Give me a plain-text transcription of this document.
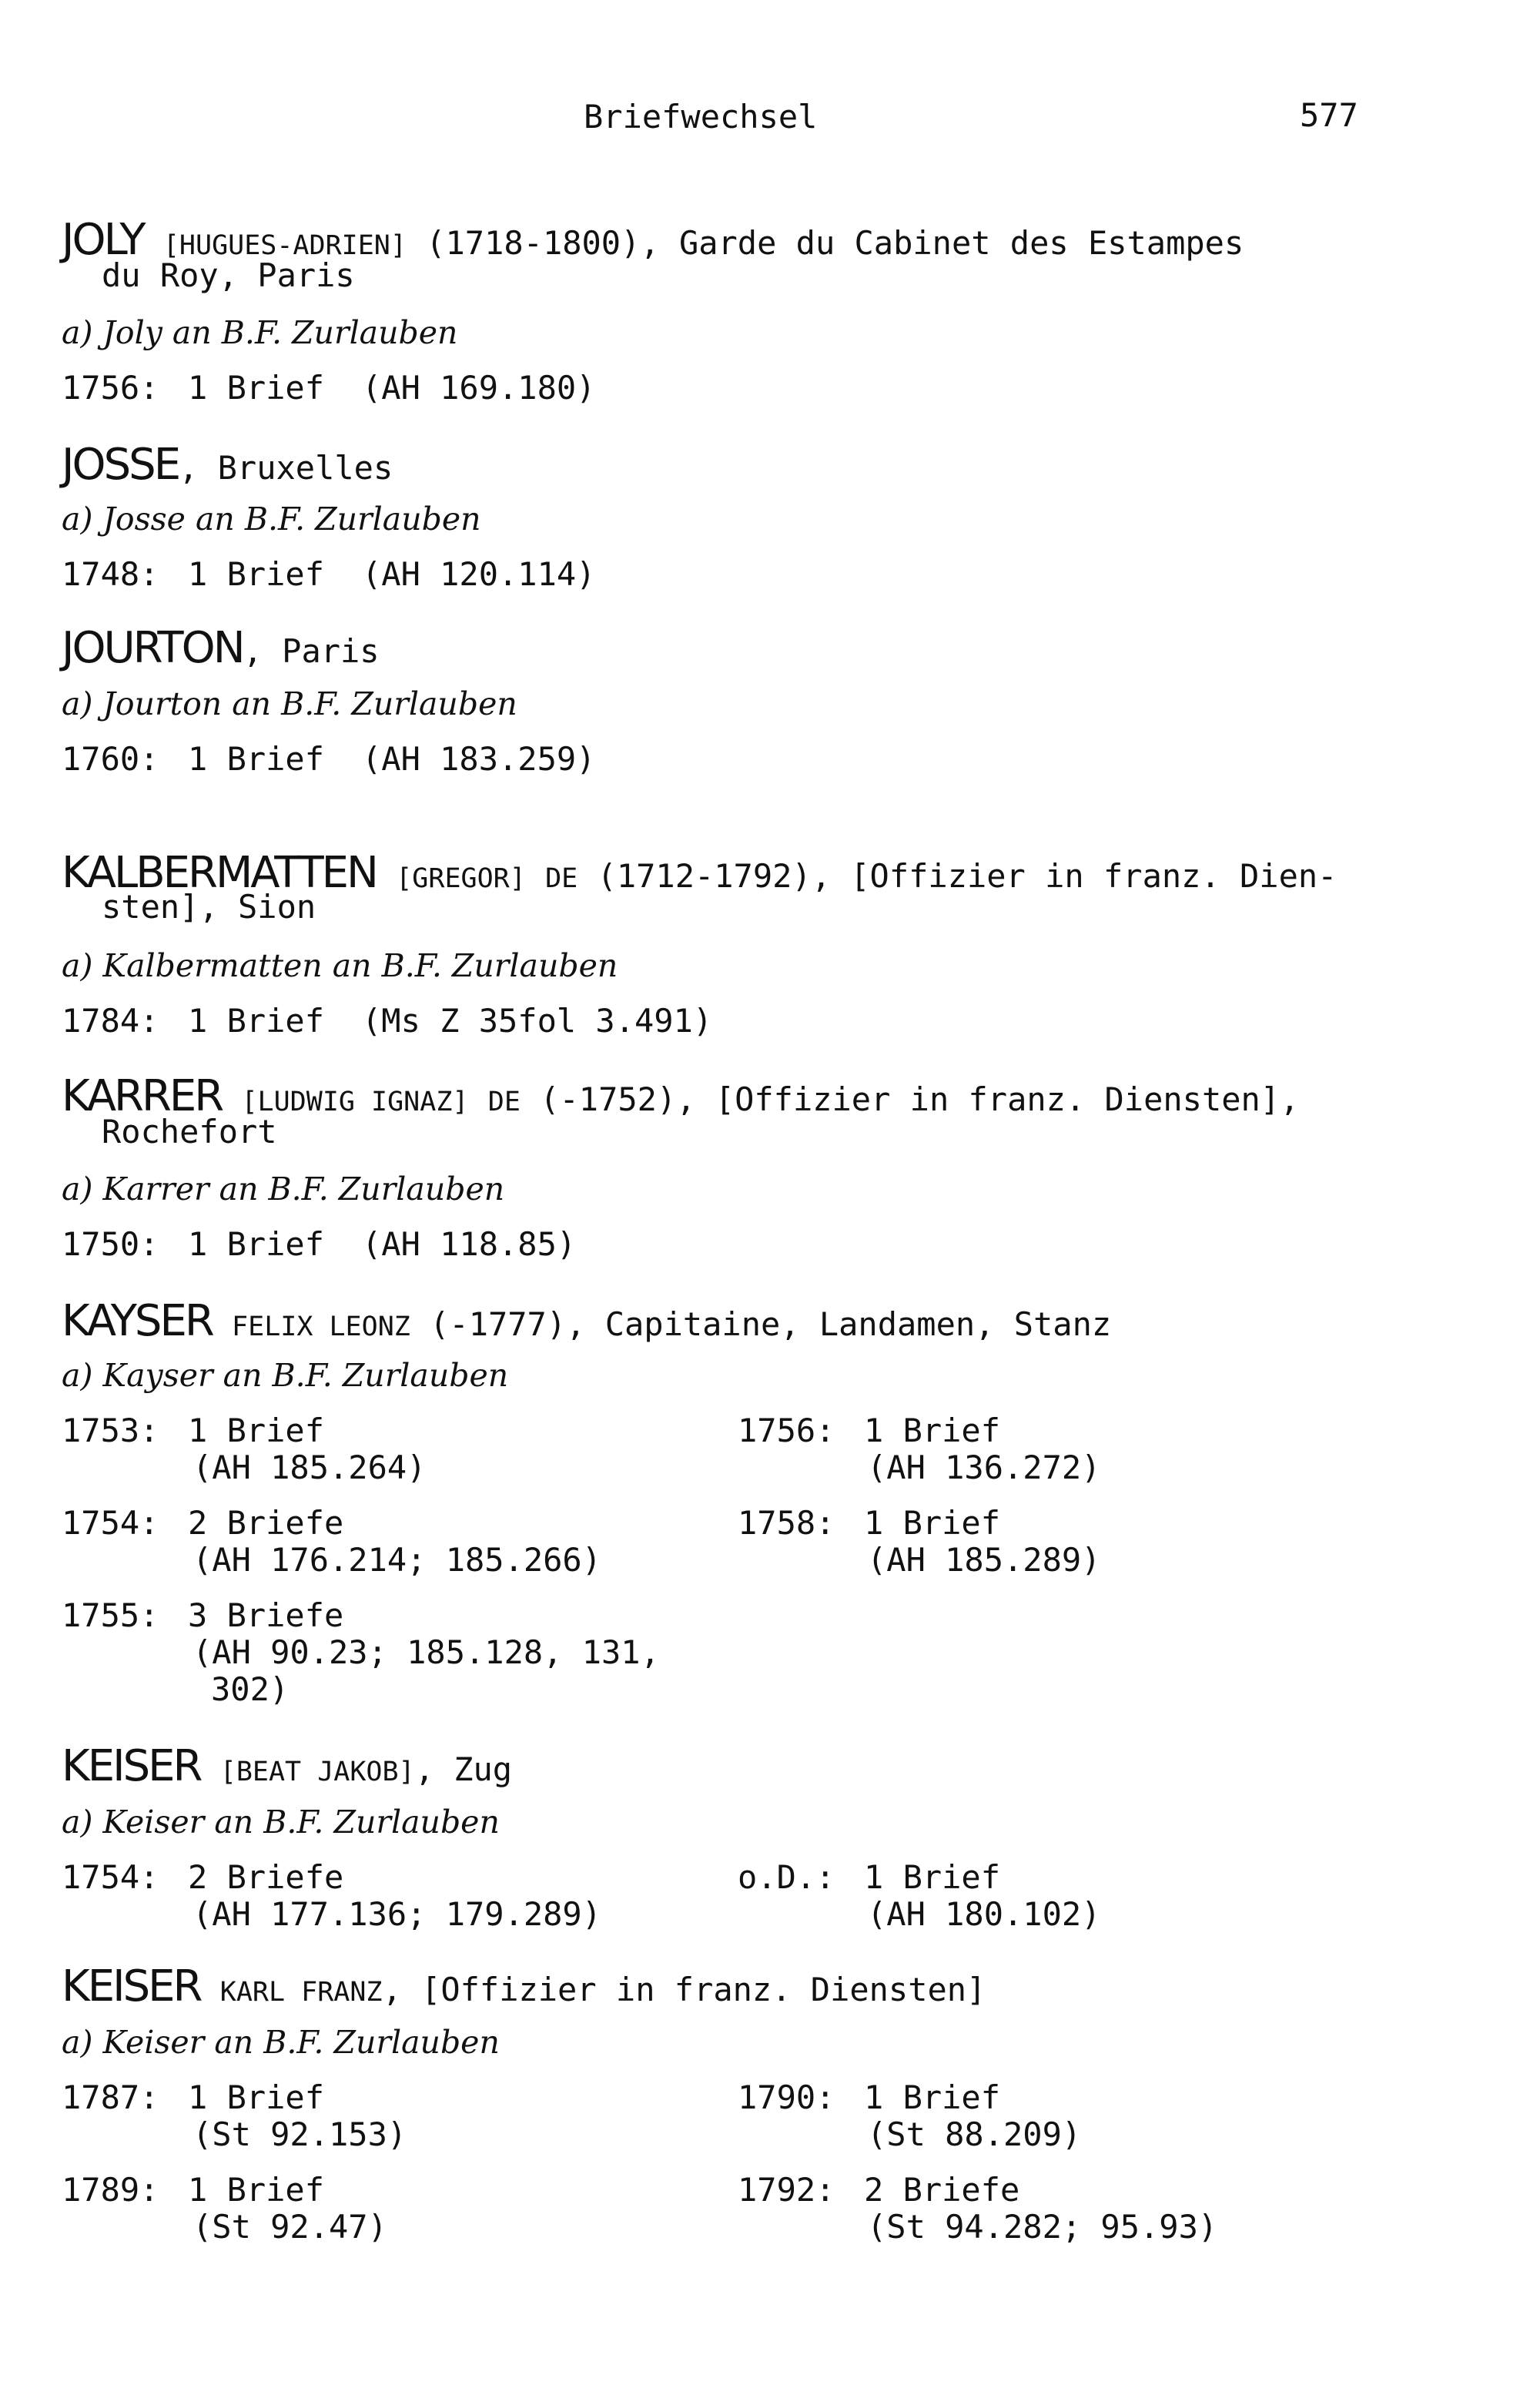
Briefwechsel	577
JOLY [HUGUES-ADRIEN] (1718-1800), Garde du Cabinet des Estampes
du Roy, Paris
a) Joly an B.F. Zurlauben
1756: 1 Brief (AH 169.180)
JOSSE, Bruxelles
a) Josse an B.F. Zurlauben
1748: 1 Brief (AH 120.114)
JOURTON, Paris
a) Jourton an B.F. Zurlauben
1760: 1 Brief (AH 183.259)
KALBERMATTEN [GREGOR] DE (1712-1792), [Offizier in franz. Dien-
sten], Sion
a) Kalbermatten an B.F. Zurlauben
1784: 1 Brief (Ms Z 35fol 3.491)
KARRER [LUDWIG IGNAZ] DE (-1752), [Offizier in franz. Diensten],
Rochefort
a) Karrer an B.F. Zurlauben
1750: 1 Brief (AH 118.85)
KAYSER FELIX LEONZ (-1777), Capitaine, Landamen, Stanz
a) Kayser an B.F. Zurlauben
1753: 1 Brief
(AH 185.264)
1754: 2 Briefe
(AH 176.214; 185.266)
1755: 3 Briefe
(AH 90.23; 185.128, 131,
302)
1756: 1 Brief
(AH 136.272)
1758: 1 Brief
(AH 185.289)
KEISER [BEAT JAKOB], Zug
a) Keiser an B.F. Zurlauben
1754: 2 Briefe
(AH 177.136; 179.289)
o.D.: 1 Brief
(AH 180.102)
KEISER KARL FRANZ, [Offizier in franz. Diensten]
a) Keiser an B.F. Zurlauben
1787: 1 Brief
(St 92.153)
1789: 1 Brief
(St 92.47)
1790: 1 Brief
(St 88.209)
1792: 2 Briefe
(St 94.282; 95.93)
